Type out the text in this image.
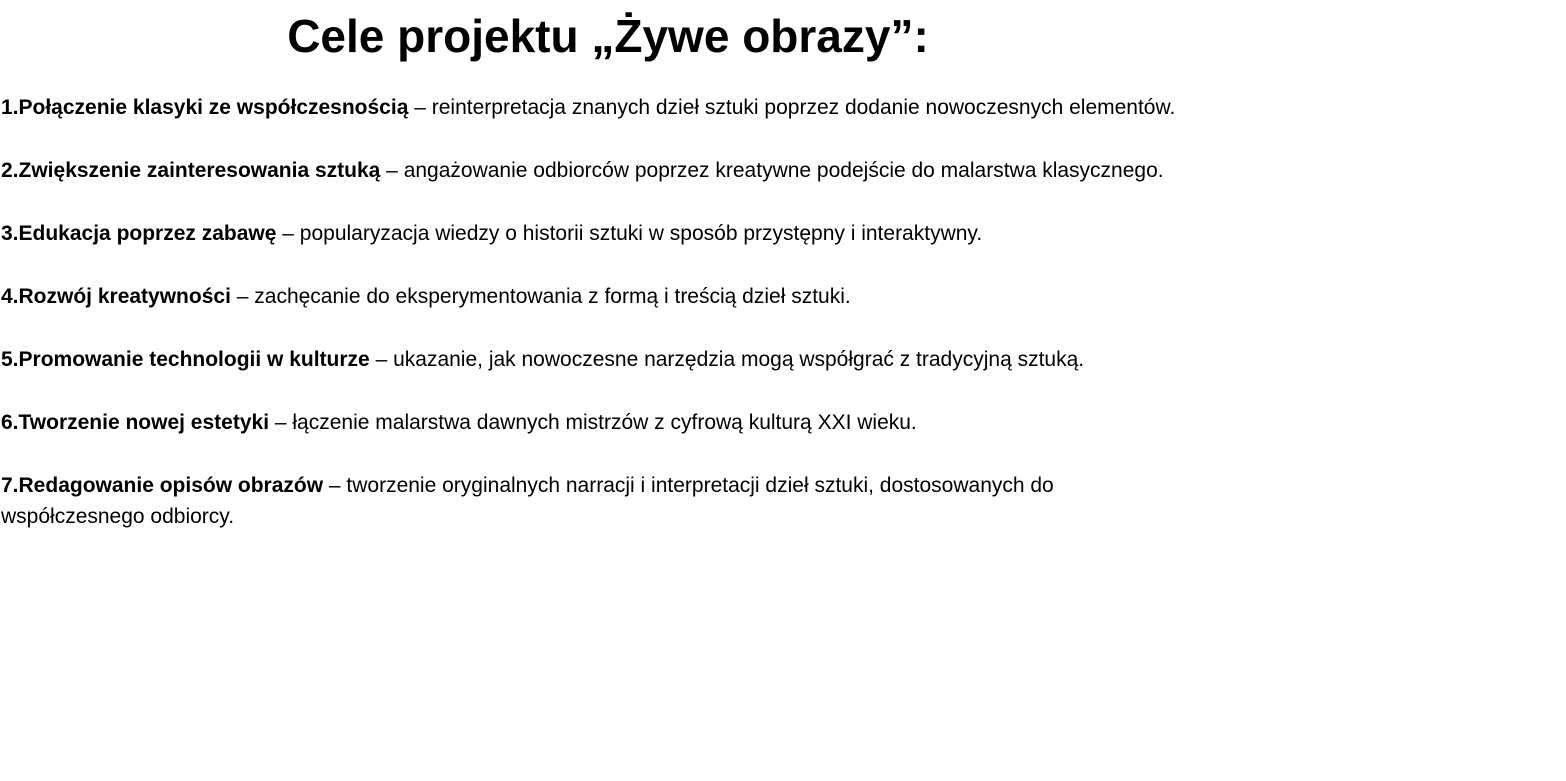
Cele projektu „Żywe obrazy”:
1.Połączenie klasyki ze współczesnością – reinterpretacja znanych dzieł sztuki poprzez dodanie nowoczesnych elementów.
2.Zwiększenie zainteresowania sztuką – angażowanie odbiorców poprzez kreatywne podejście do malarstwa klasycznego.
3.Edukacja poprzez zabawę – popularyzacja wiedzy o historii sztuki w sposób przystępny i interaktywny.
4.Rozwój kreatywności – zachęcanie do eksperymentowania z formą i treścią dzieł sztuki.
5.Promowanie technologii w kulturze – ukazanie, jak nowoczesne narzędzia mogą współgrać z tradycyjną sztuką.
6.Tworzenie nowej estetyki – łączenie malarstwa dawnych mistrzów z cyfrową kulturą XXI wieku.
7.Redagowanie opisów obrazów – tworzenie oryginalnych narracji i interpretacji dzieł sztuki, dostosowanych do współczesnego odbiorcy.
